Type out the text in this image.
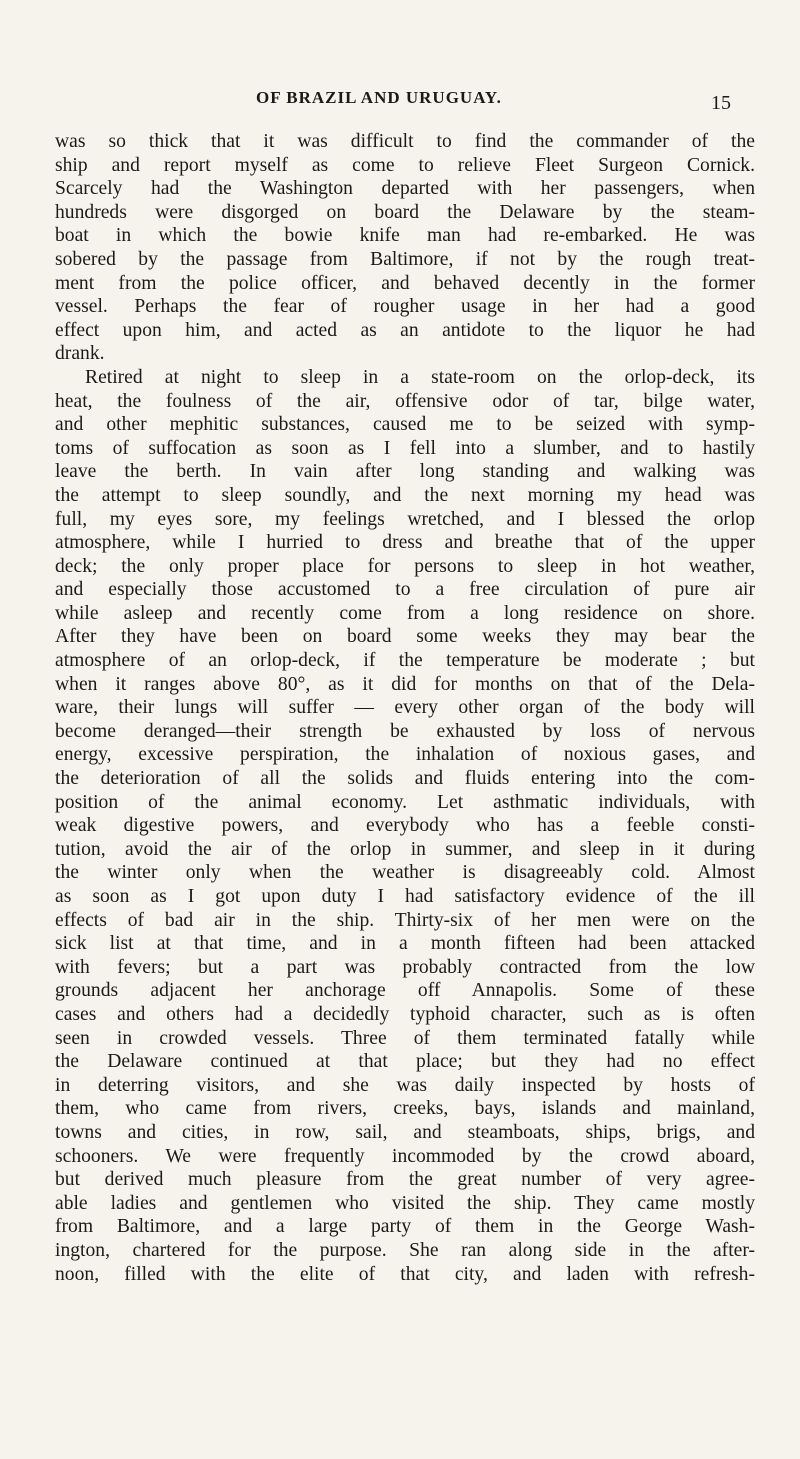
OF BRAZIL AND URUGUAY.	15
was so thick that it was difficult to find the commander of the
ship and report myself as come to relieve Fleet Surgeon Cornick.
Scarcely had the Washington departed with her passengers, when
hundreds were disgorged on board the Delaware by the steam-
boat in which the bowie knife man had re-embarked. He was
sobered by the passage from Baltimore, if not by the rough treat-
ment from the police officer, and behaved decently in the former
vessel. Perhaps the fear of rougher usage in her had a good
effect upon him, and acted as an antidote to the liquor he had
drank.
Retired at night to sleep in a state-room on the orlop-deck, its
heat, the foulness of the air, offensive odor of tar, bilge water,
and other mephitic substances, caused me to be seized with symp-
toms of suffocation as soon as I fell into a slumber, and to hastily
leave the berth. In vain after long standing and walking was
the attempt to sleep soundly, and the next morning my head was
full, my eyes sore, my feelings wretched, and I blessed the orlop
atmosphere, while I hurried to dress and breathe that of the upper
deck; the only proper place for persons to sleep in hot weather,
and especially those accustomed to a free circulation of pure air
while asleep and recently come from a long residence on shore.
After they have been on board some weeks they may bear the
atmosphere of an orlop-deck, if the temperature be moderate ; but
when it ranges above 80°, as it did for months on that of the Dela-
ware, their lungs will suffer — every other organ of the body will
become deranged—their strength be exhausted by loss of nervous
energy, excessive perspiration, the inhalation of noxious gases, and
the deterioration of all the solids and fluids entering into the com-
position of the animal economy. Let asthmatic individuals, with
weak digestive powers, and everybody who has a feeble consti-
tution, avoid the air of the orlop in summer, and sleep in it during
the winter only when the weather is disagreeably cold. Almost
as soon as I got upon duty I had satisfactory evidence of the ill
effects of bad air in the ship. Thirty-six of her men were on the
sick list at that time, and in a month fifteen had been attacked
with fevers; but a part was probably contracted from the low
grounds adjacent her anchorage off Annapolis. Some of these
cases and others had a decidedly typhoid character, such as is often
seen in crowded vessels. Three of them terminated fatally while
the Delaware continued at that place; but they had no effect
in deterring visitors, and she was daily inspected by hosts of
them, who came from rivers, creeks, bays, islands and mainland,
towns and cities, in row, sail, and steamboats, ships, brigs, and
schooners. We were frequently incommoded by the crowd aboard,
but derived much pleasure from the great number of very agree-
able ladies and gentlemen who visited the ship. They came mostly
from Baltimore, and a large party of them in the George Wash-
ington, chartered for the purpose. She ran along side in the after-
noon, filled with the elite of that city, and laden with refresh-
